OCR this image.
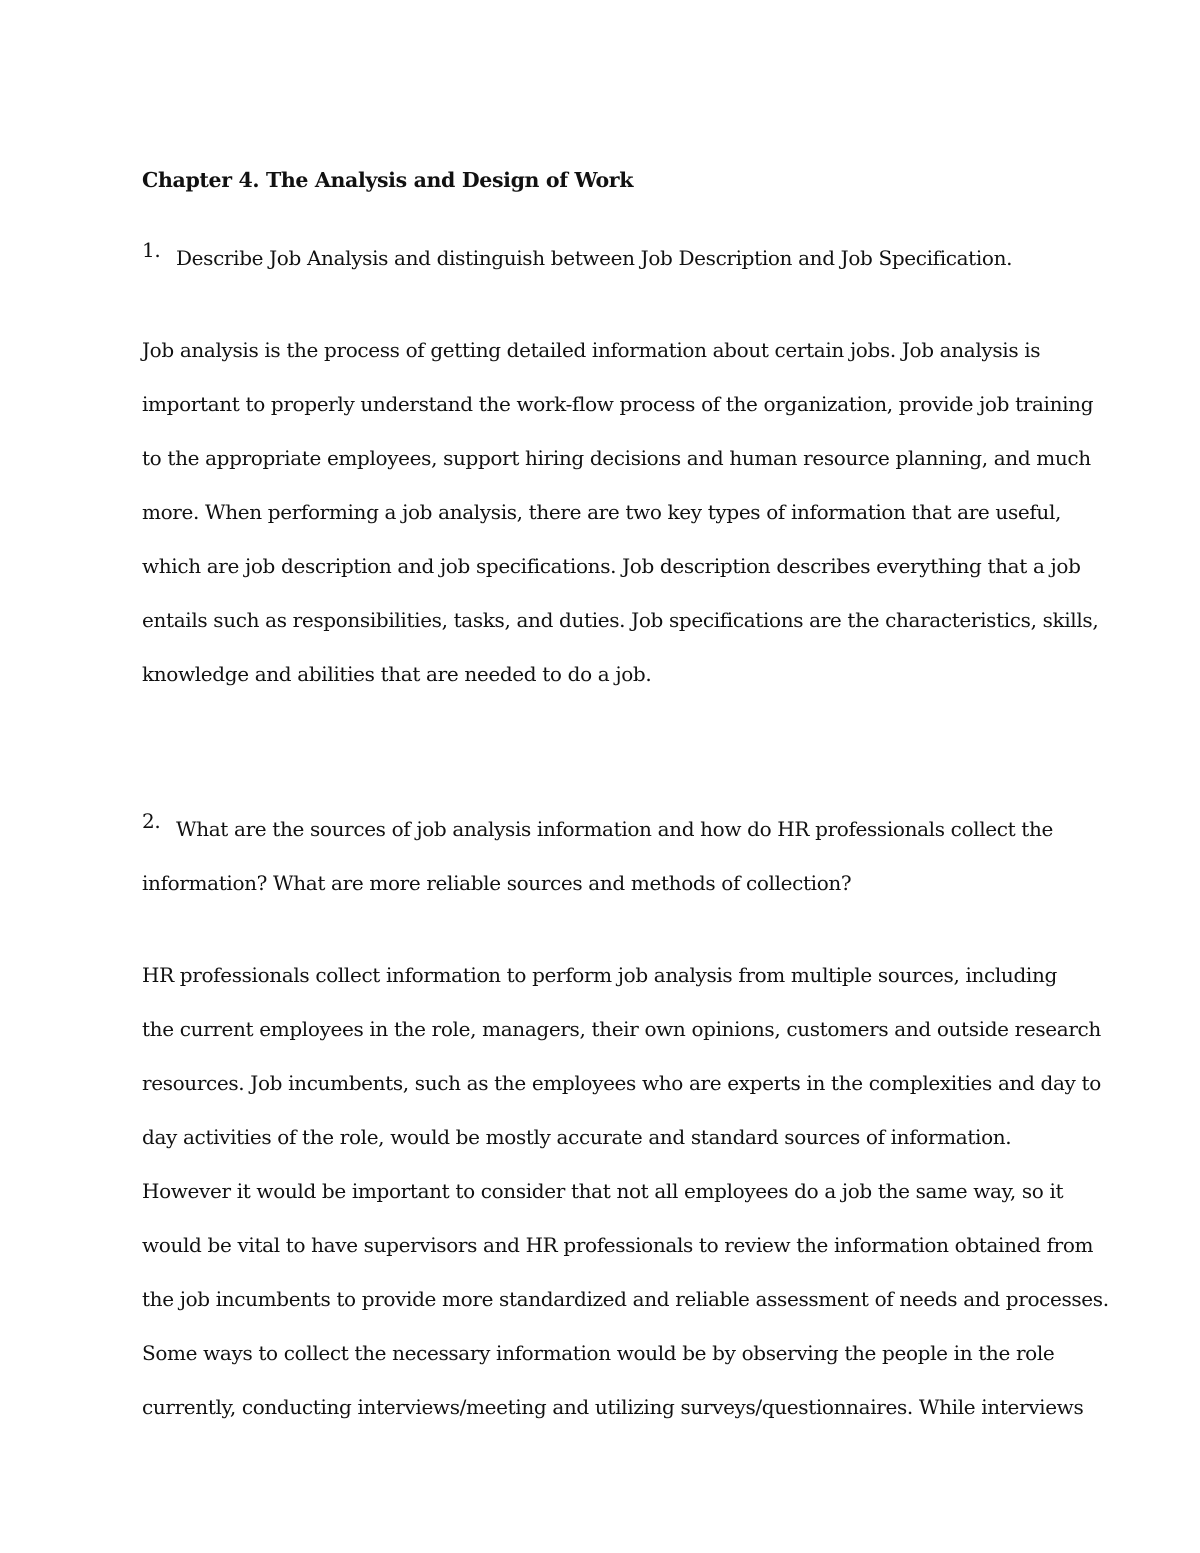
Chapter 4. The Analysis and Design of Work
1. Describe Job Analysis and distinguish between Job Description and Job Specification.
Job analysis is the process of getting detailed information about certain jobs. Job analysis is
important to properly understand the work-flow process of the organization, provide job training
to the appropriate employees, support hiring decisions and human resource planning, and much
more. When performing a job analysis, there are two key types of information that are useful,
which are job description and job specifications. Job description describes everything that a job
entails such as responsibilities, tasks, and duties. Job specifications are the characteristics, skills,
knowledge and abilities that are needed to do a job.
2. What are the sources of job analysis information and how do HR professionals collect the
information? What are more reliable sources and methods of collection?
HR professionals collect information to perform job analysis from multiple sources, including
the current employees in the role, managers, their own opinions, customers and outside research
resources. Job incumbents, such as the employees who are experts in the complexities and day to
day activities of the role, would be mostly accurate and standard sources of information.
However it would be important to consider that not all employees do a job the same way, so it
would be vital to have supervisors and HR professionals to review the information obtained from
the job incumbents to provide more standardized and reliable assessment of needs and processes.
Some ways to collect the necessary information would be by observing the people in the role
currently, conducting interviews/meeting and utilizing surveys/questionnaires. While interviews
